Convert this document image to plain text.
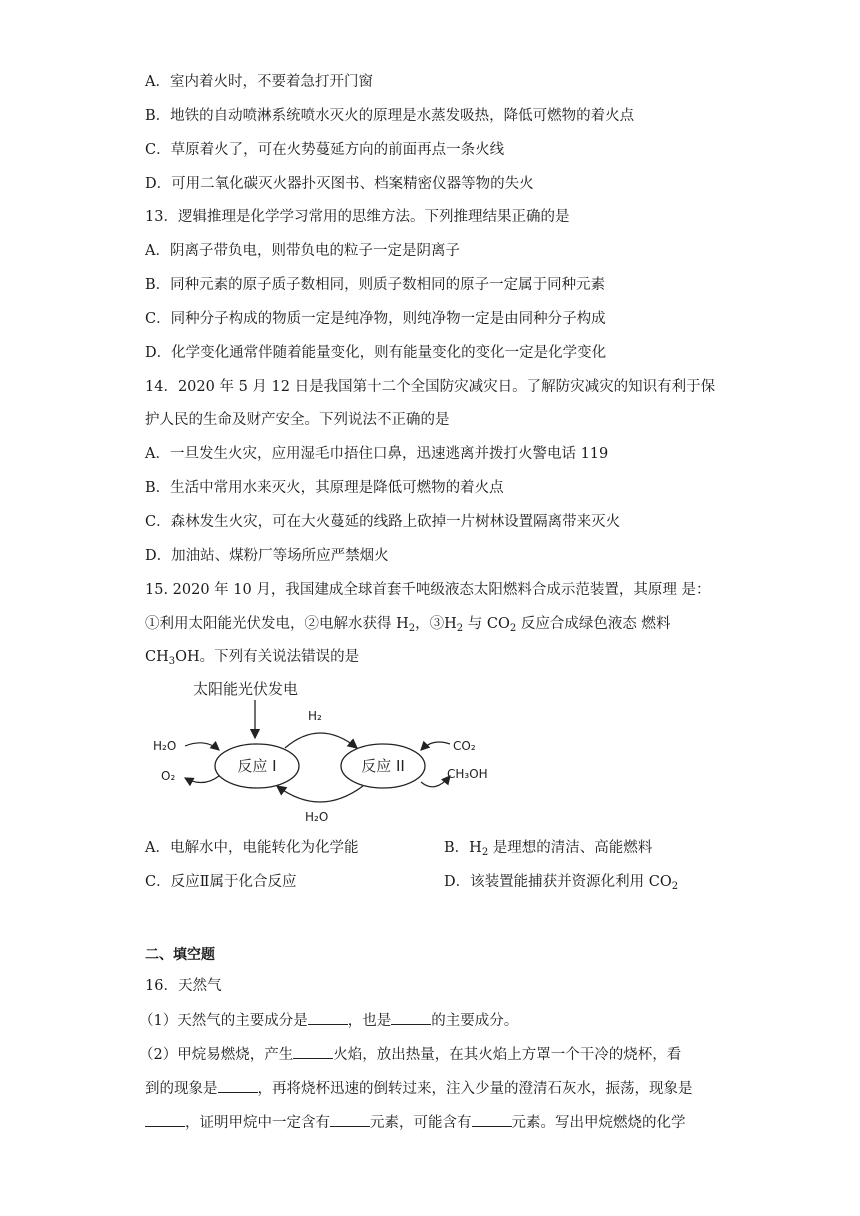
A．室内着火时，不要着急打开门窗
B．地铁的自动喷淋系统喷水灭火的原理是水蒸发吸热，降低可燃物的着火点
C．草原着火了，可在火势蔓延方向的前面再点一条火线
D．可用二氧化碳灭火器扑灭图书、档案精密仪器等物的失火
13．逻辑推理是化学学习常用的思维方法。下列推理结果正确的是
A．阴离子带负电，则带负电的粒子一定是阴离子
B．同种元素的原子质子数相同，则质子数相同的原子一定属于同种元素
C．同种分子构成的物质一定是纯净物，则纯净物一定是由同种分子构成
D．化学变化通常伴随着能量变化，则有能量变化的变化一定是化学变化
14．2020 年 5 月 12 日是我国第十二个全国防灾减灾日。了解防灾减灾的知识有利于保
护人民的生命及财产安全。下列说法不正确的是
A．一旦发生火灾，应用湿毛巾捂住口鼻，迅速逃离并拨打火警电话 119
B．生活中常用水来灭火，其原理是降低可燃物的着火点
C．森林发生火灾，可在大火蔓延的线路上砍掉一片树林设置隔离带来灭火
D．加油站、煤粉厂等场所应严禁烟火
15. 2020 年 10 月，我国建成全球首套千吨级液态太阳燃料合成示范装置，其原理 是：
①利用太阳能光伏发电，②电解水获得 $H_2$，$③H_2$ 与 $CO_2$ 反应合成绿色液态 燃料
$CH_3OH$。下列有关说法错误的是
太阳能光伏发电
反应 I	反应 II
H₂
H₂O
H₂O
O₂
CO₂
CH₃OH
A．电解水中，电能转化为化学能	B．$H_2$ 是理想的清洁、高能燃料
C．反应Ⅱ属于化合反应	D．该装置能捕获并资源化利用 $CO_2$
二、填空题
16．天然气
（1）天然气的主要成分是	，也是	的主要成分。
（2）甲烷易燃烧，产生	火焰，放出热量，在其火焰上方罩一个干冷的烧杯，看
到的现象是	，再将烧杯迅速的倒转过来，注入少量的澄清石灰水，振荡，现象是
，证明甲烷中一定含有	元素，可能含有	元素。写出甲烷燃烧的化学
